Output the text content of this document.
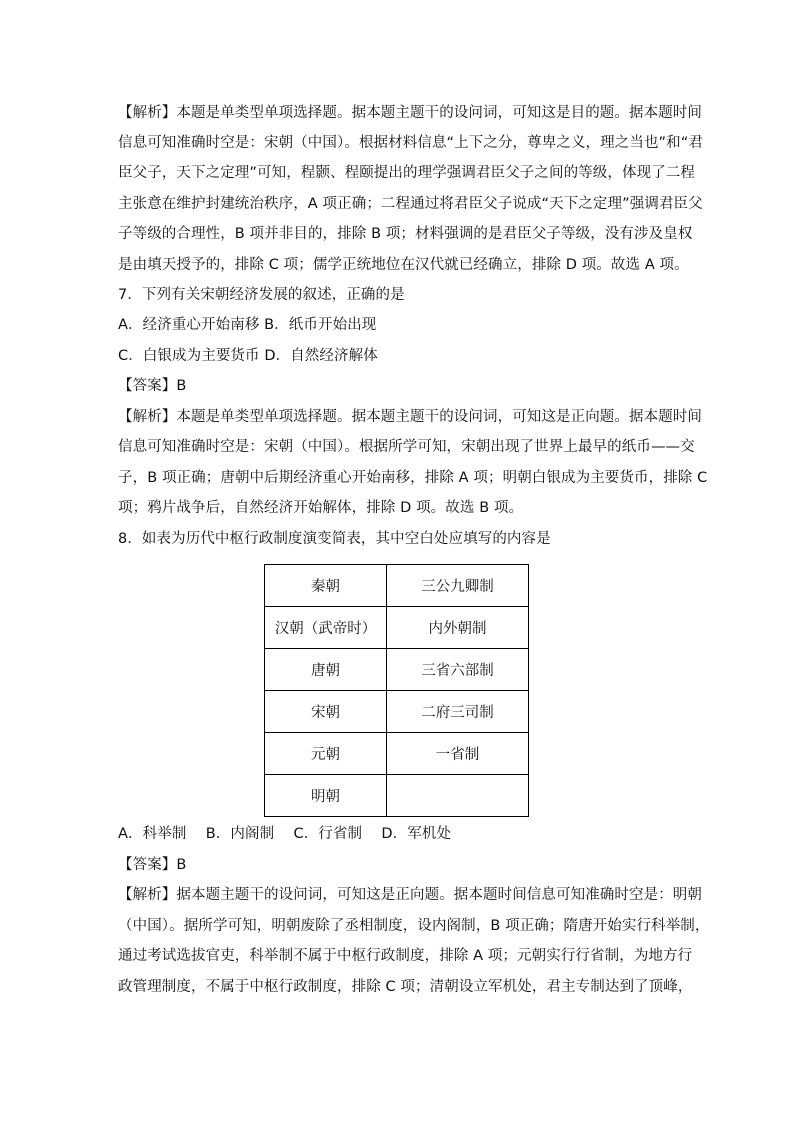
【解析】本题是单类型单项选择题。据本题主题干的设问词，可知这是目的题。据本题时间
信息可知准确时空是：宋朝（中国）。根据材料信息“上下之分，尊卑之义，理之当也”和“君
臣父子，天下之定理”可知，程颢、程颐提出的理学强调君臣父子之间的等级，体现了二程
主张意在维护封建统治秩序，A 项正确；二程通过将君臣父子说成“天下之定理”强调君臣父
子等级的合理性，B 项并非目的，排除 B 项；材料强调的是君臣父子等级，没有涉及皇权
是由填天授予的，排除 C 项；儒学正统地位在汉代就已经确立，排除 D 项。故选 A 项。
7．下列有关宋朝经济发展的叙述，正确的是
A．经济重心开始南移 B．纸币开始出现
C．白银成为主要货币 D．自然经济解体
【答案】B
【解析】本题是单类型单项选择题。据本题主题干的设问词，可知这是正向题。据本题时间
信息可知准确时空是：宋朝（中国）。根据所学可知，宋朝出现了世界上最早的纸币——交
子，B 项正确；唐朝中后期经济重心开始南移，排除 A 项；明朝白银成为主要货币，排除 C
项；鸦片战争后，自然经济开始解体，排除 D 项。故选 B 项。
8．如表为历代中枢行政制度演变简表，其中空白处应填写的内容是
秦朝	三公九卿制
汉朝（武帝时）	内外朝制
唐朝	三省六部制
宋朝	二府三司制
元朝	一省制
明朝	
A．科举制　 B．内阁制　 C．行省制　 D．军机处
【答案】B
【解析】据本题主题干的设问词，可知这是正向题。据本题时间信息可知准确时空是：明朝
（中国）。据所学可知，明朝废除了丞相制度，设内阁制，B 项正确；隋唐开始实行科举制，
通过考试选拔官吏，科举制不属于中枢行政制度，排除 A 项；元朝实行行省制，为地方行
政管理制度，不属于中枢行政制度，排除 C 项；清朝设立军机处，君主专制达到了顶峰，
